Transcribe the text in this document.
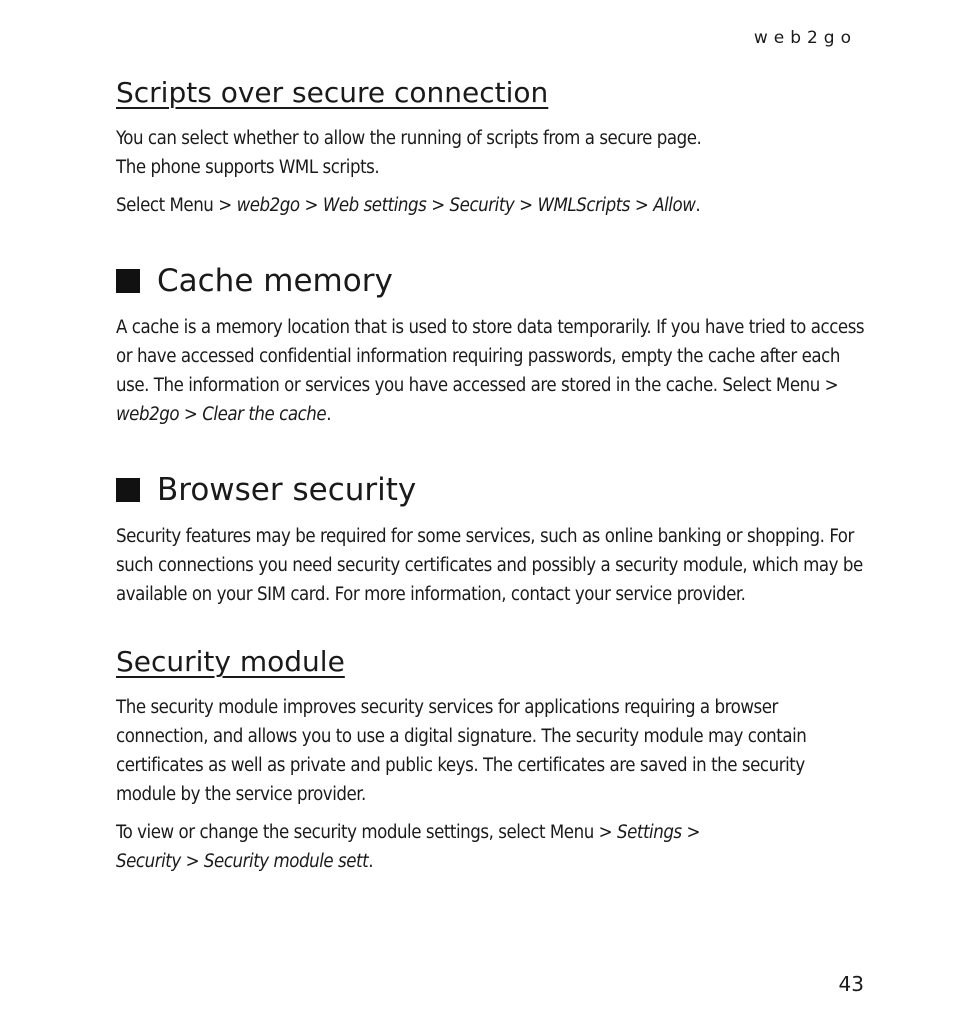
web2go
Scripts over secure connection

You can select whether to allow the running of scripts from a secure page.
The phone supports WML scripts.

Select Menu > web2go > Web settings > Security > WMLScripts > Allow.

Cache memory

A cache is a memory location that is used to store data temporarily. If you have tried to access or have accessed confidential information requiring passwords, empty the cache after each use. The information or services you have accessed are stored in the cache. Select Menu > web2go > Clear the cache.

Browser security

Security features may be required for some services, such as online banking or shopping. For such connections you need security certificates and possibly a security module, which may be available on your SIM card. For more information, contact your service provider.

Security module

The security module improves security services for applications requiring a browser connection, and allows you to use a digital signature. The security module may contain certificates as well as private and public keys. The certificates are saved in the security module by the service provider.

To view or change the security module settings, select Menu > Settings >
Security > Security module sett.

43
